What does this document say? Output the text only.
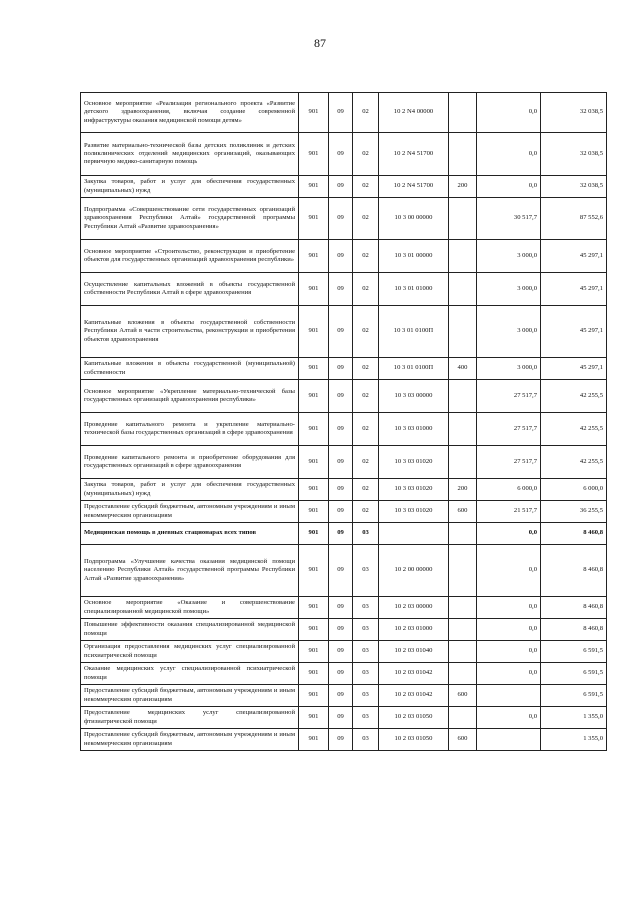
87
Основное мероприятие «Реализация регионального проекта «Развитие детского здравоохранения, включая создание современной инфраструктуры оказания медицинской помощи детям»	901	09	02	10 2 N4 00000		0,0	32 038,5
Развитие материально-технической базы детских поликлиник и детских поликлинических отделений медицинских организаций, оказывающих первичную медико-санитарную помощь	901	09	02	10 2 N4 51700		0,0	32 038,5
Закупка товаров, работ и услуг для обеспечения государственных (муниципальных) нужд	901	09	02	10 2 N4 51700	200	0,0	32 038,5
Подпрограмма «Совершенствование сети государственных организаций здравоохранения Республики Алтай» государственной программы Республики Алтай «Развитие здравоохранения»	901	09	02	10 3 00 00000		30 517,7	87 552,6
Основное мероприятие «Строительство, реконструкция и приобретение объектов для государственных организаций здравоохранения республики»	901	09	02	10 3 01 00000		3 000,0	45 297,1
Осуществление капитальных вложений в объекты государственной собственности Республики Алтай в сфере здравоохранения	901	09	02	10 3 01 01000		3 000,0	45 297,1
Капитальные вложения в объекты государственной собственности Республики Алтай в части строительства, реконструкции и приобретения объектов здравоохранения	901	09	02	10 3 01 0100П		3 000,0	45 297,1
Капитальные вложения в объекты государственной (муниципальной) собственности	901	09	02	10 3 01 0100П	400	3 000,0	45 297,1
Основное мероприятие «Укрепление материально-технической базы государственных организаций здравоохранения республики»	901	09	02	10 3 03 00000		27 517,7	42 255,5
Проведение капитального ремонта и укрепление материально-технической базы государственных организаций в сфере здравоохранения	901	09	02	10 3 03 01000		27 517,7	42 255,5
Проведение капитального ремонта и приобретение оборудования для государственных организаций в сфере здравоохранения	901	09	02	10 3 03 01020		27 517,7	42 255,5
Закупка товаров, работ и услуг для обеспечения государственных (муниципальных) нужд	901	09	02	10 3 03 01020	200	6 000,0	6 000,0
Предоставление субсидий бюджетным, автономным учреждениям и иным некоммерческим организациям	901	09	02	10 3 03 01020	600	21 517,7	36 255,5
Медицинская помощь в дневных стационарах всех типов	901	09	03			0,0	8 460,8
Подпрограмма «Улучшение качества оказания медицинской помощи населению Республики Алтай» государственной программы Республики Алтай «Развитие здравоохранения»	901	09	03	10 2 00 00000		0,0	8 460,8
Основное мероприятие «Оказание и совершенствование специализированной медицинской помощи»	901	09	03	10 2 03 00000		0,0	8 460,8
Повышение эффективности оказания специализированной медицинской помощи	901	09	03	10 2 03 01000		0,0	8 460,8
Организация предоставления медицинских услуг специализированной психиатрической помощи	901	09	03	10 2 03 01040		0,0	6 591,5
Оказание медицинских услуг специализированной психиатрической помощи	901	09	03	10 2 03 01042		0,0	6 591,5
Предоставление субсидий бюджетным, автономным учреждениям и иным некоммерческим организациям	901	09	03	10 2 03 01042	600		6 591,5
Предоставление медицинских услуг специализированной фтизиатрической помощи	901	09	03	10 2 03 01050		0,0	1 355,0
Предоставление субсидий бюджетным, автономным учреждениям и иным некоммерческим организациям	901	09	03	10 2 03 01050	600		1 355,0
